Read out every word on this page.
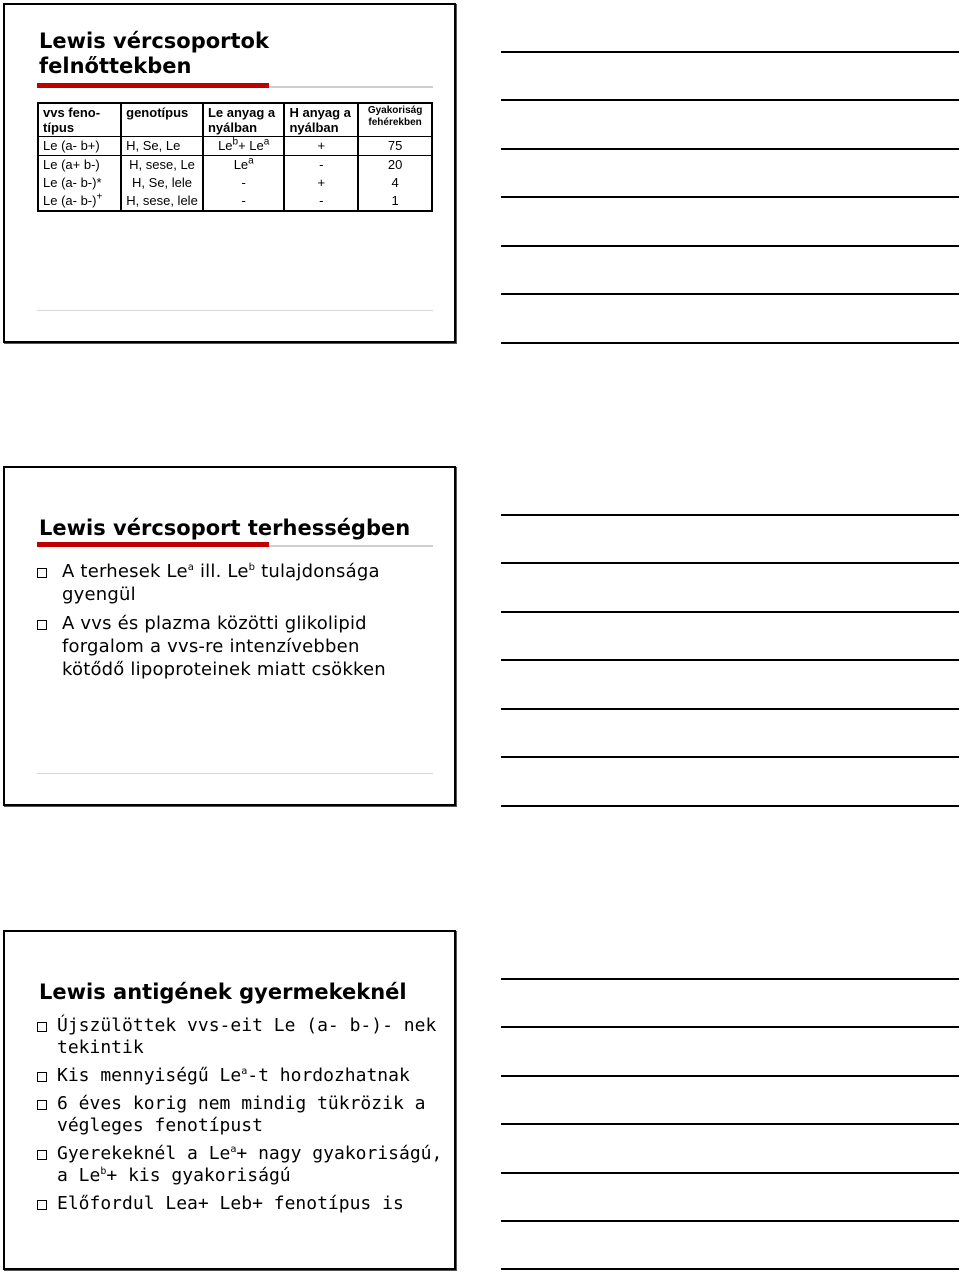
Lewis vércsoportok felnőttekben
vvs feno-típus	genotípus	Le anyag a nyálban	H anyag a nyálban	Gyakoriság fehérekben
Le (a- b+)	H, Se, Le	$Le^b+ Le^a$	+	75
Le (a+ b-)	H, sese, Le	Le$^a$	-	20
Le (a- b-)*	H, Se, lele	-	+	4
Le (a- b-)+	H, sese, lele	-	-	1
Lewis vércsoport terhességben
A terhesek Le$^a$ ill. Le$^b$ tulajdonsága gyengül
A vvs és plazma közötti glikolipid forgalom a vvs-re intenzívebben kötődő lipoproteinek miatt csökken
Lewis antigének gyermekeknél
Újszülöttek vvs-eit Le (a- b-)- nek tekintik
Kis mennyiségű Le$^a$-t hordozhatnak
6 éves korig nem mindig tükrözik a végleges fenotípust
Gyerekeknél a $Le^a+$ nagy gyakoriságú, a $Le^b+$ kis gyakoriságú
Előfordul Lea+ Leb+ fenotípus is
